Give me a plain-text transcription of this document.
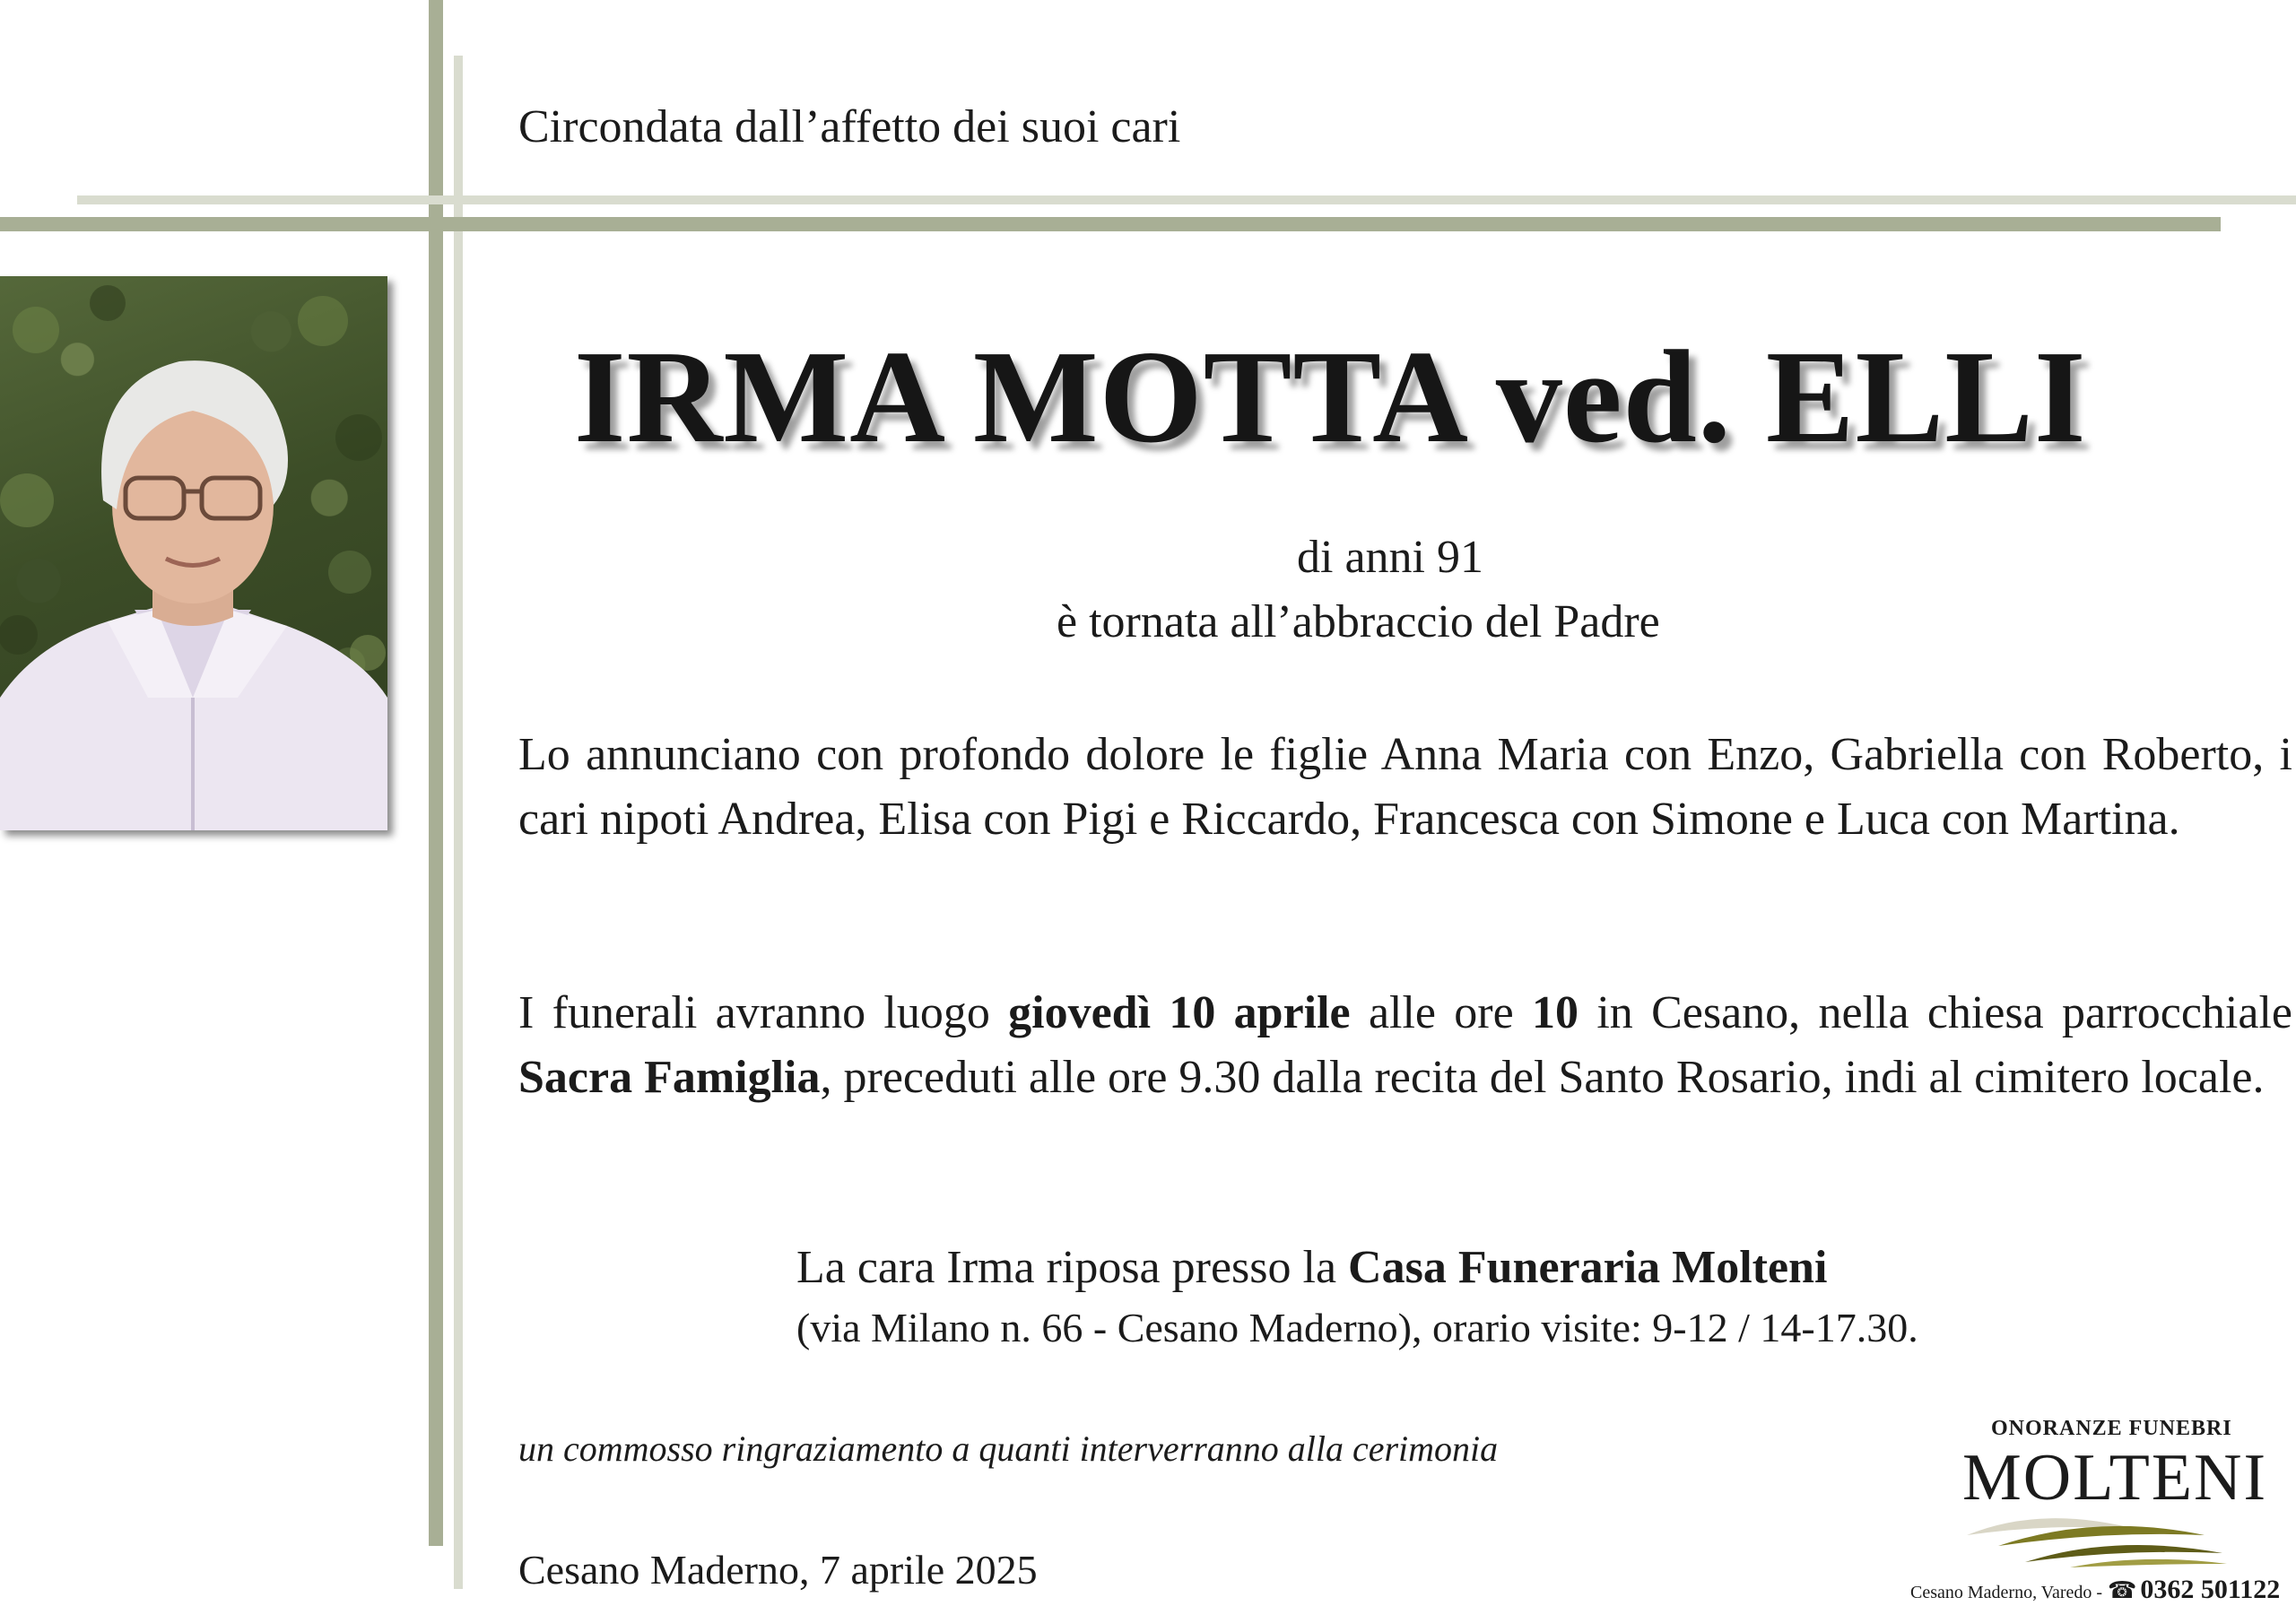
Circondata dall’affetto dei suoi cari
IRMA MOTTA ved. ELLI
di anni 91
è tornata all’abbraccio del Padre
Lo annunciano con profondo dolore le figlie Anna Maria con Enzo, Gabriella con Roberto, i cari nipoti Andrea, Elisa con Pigi e Riccardo, Francesca con Simone e Luca con Martina.
I funerali avranno luogo giovedì 10 aprile alle ore 10 in Cesano, nella chiesa parrocchiale Sacra Famiglia, preceduti alle ore 9.30 dalla recita del Santo Rosario, indi al cimitero locale.
La cara Irma riposa presso la Casa Funeraria Molteni
(via Milano n. 66 - Cesano Maderno), orario visite: 9-12 / 14-17.30.
un commosso ringraziamento a quanti interverranno alla cerimonia
Cesano Maderno, 7 aprile 2025
ONORANZE FUNEBRI
MOLTENI
Cesano Maderno, Varedo - ☎ 0362 501122
